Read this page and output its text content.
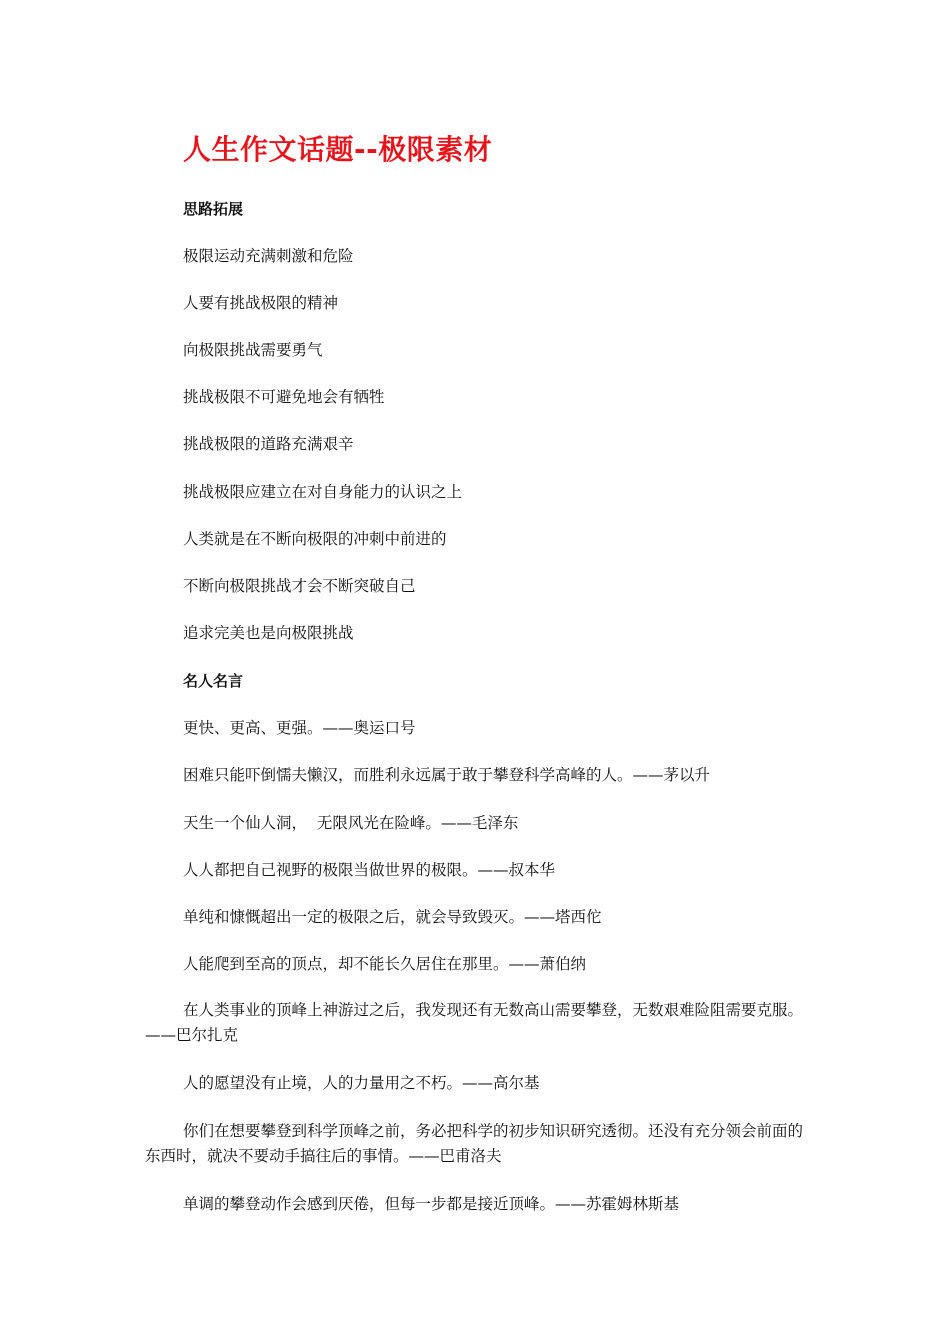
人生作文话题--极限素材

思路拓展

极限运动充满刺激和危险

人要有挑战极限的精神

向极限挑战需要勇气

挑战极限不可避免地会有牺牲

挑战极限的道路充满艰辛

挑战极限应建立在对自身能力的认识之上

人类就是在不断向极限的冲刺中前进的

不断向极限挑战才会不断突破自己

追求完美也是向极限挑战

名人名言

更快、更高、更强。——奥运口号

困难只能吓倒懦夫懒汉，而胜利永远属于敢于攀登科学高峰的人。——茅以升

天生一个仙人洞，  无限风光在险峰。——毛泽东

人人都把自己视野的极限当做世界的极限。——叔本华

单纯和慷慨超出一定的极限之后，就会导致毁灭。——塔西佗

人能爬到至高的顶点，却不能长久居住在那里。——萧伯纳

在人类事业的顶峰上神游过之后，我发现还有无数高山需要攀登，无数艰难险阻需要克服。——巴尔扎克

人的愿望没有止境，人的力量用之不朽。——高尔基

你们在想要攀登到科学顶峰之前，务必把科学的初步知识研究透彻。还没有充分领会前面的东西时，就决不要动手搞往后的事情。——巴甫洛夫

单调的攀登动作会感到厌倦，但每一步都是接近顶峰。——苏霍姆林斯基
